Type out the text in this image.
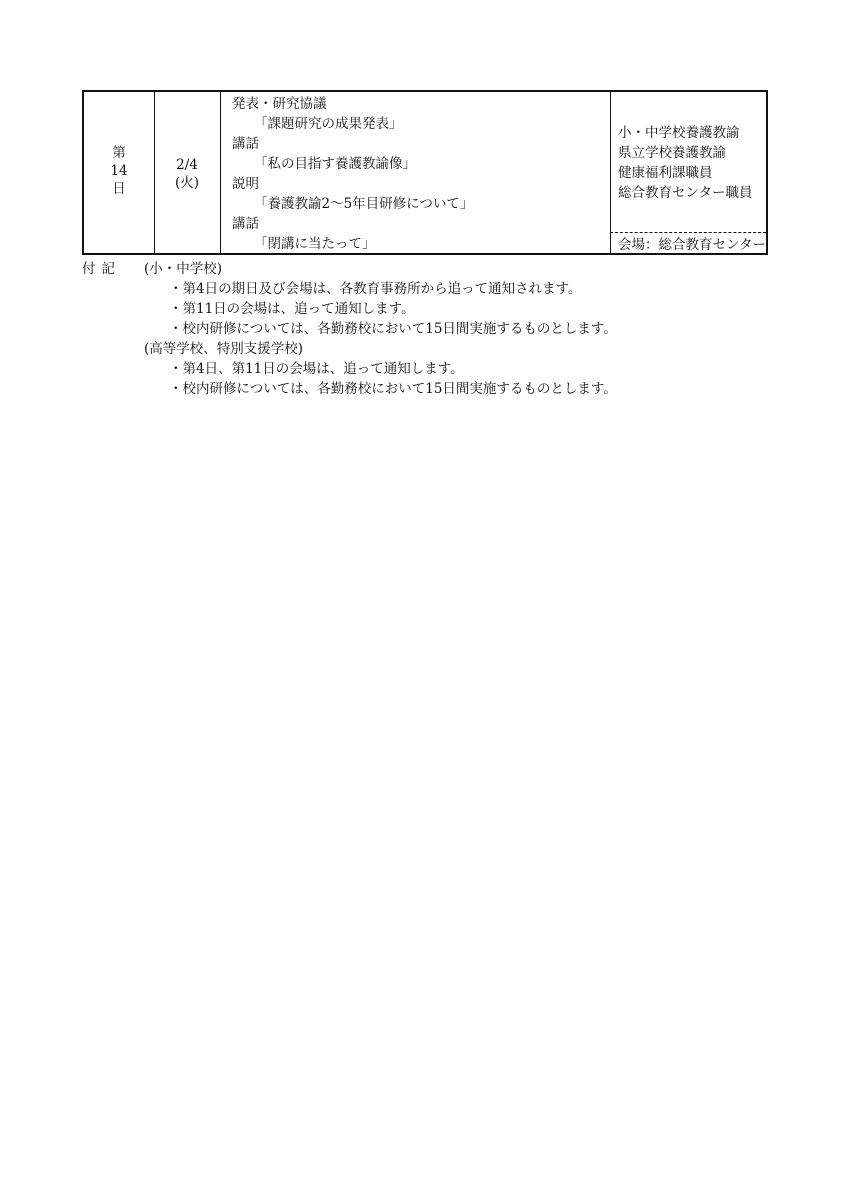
第
14
日
2/4
(火)
発表・研究協議
「課題研究の成果発表」
講話
「私の目指す養護教諭像」
説明
「養護教諭2～5年目研修について」
講話
「閉講に当たって」
小・中学校養護教諭
県立学校養護教諭
健康福利課職員
総合教育センター職員
会場：総合教育センター
付記	(小・中学校)
・第4日の期日及び会場は、各教育事務所から追って通知されます。
・第11日の会場は、追って通知します。
・校内研修については、各勤務校において15日間実施するものとします。
(高等学校、特別支援学校)
・第4日、第11日の会場は、追って通知します。
・校内研修については、各勤務校において15日間実施するものとします。
